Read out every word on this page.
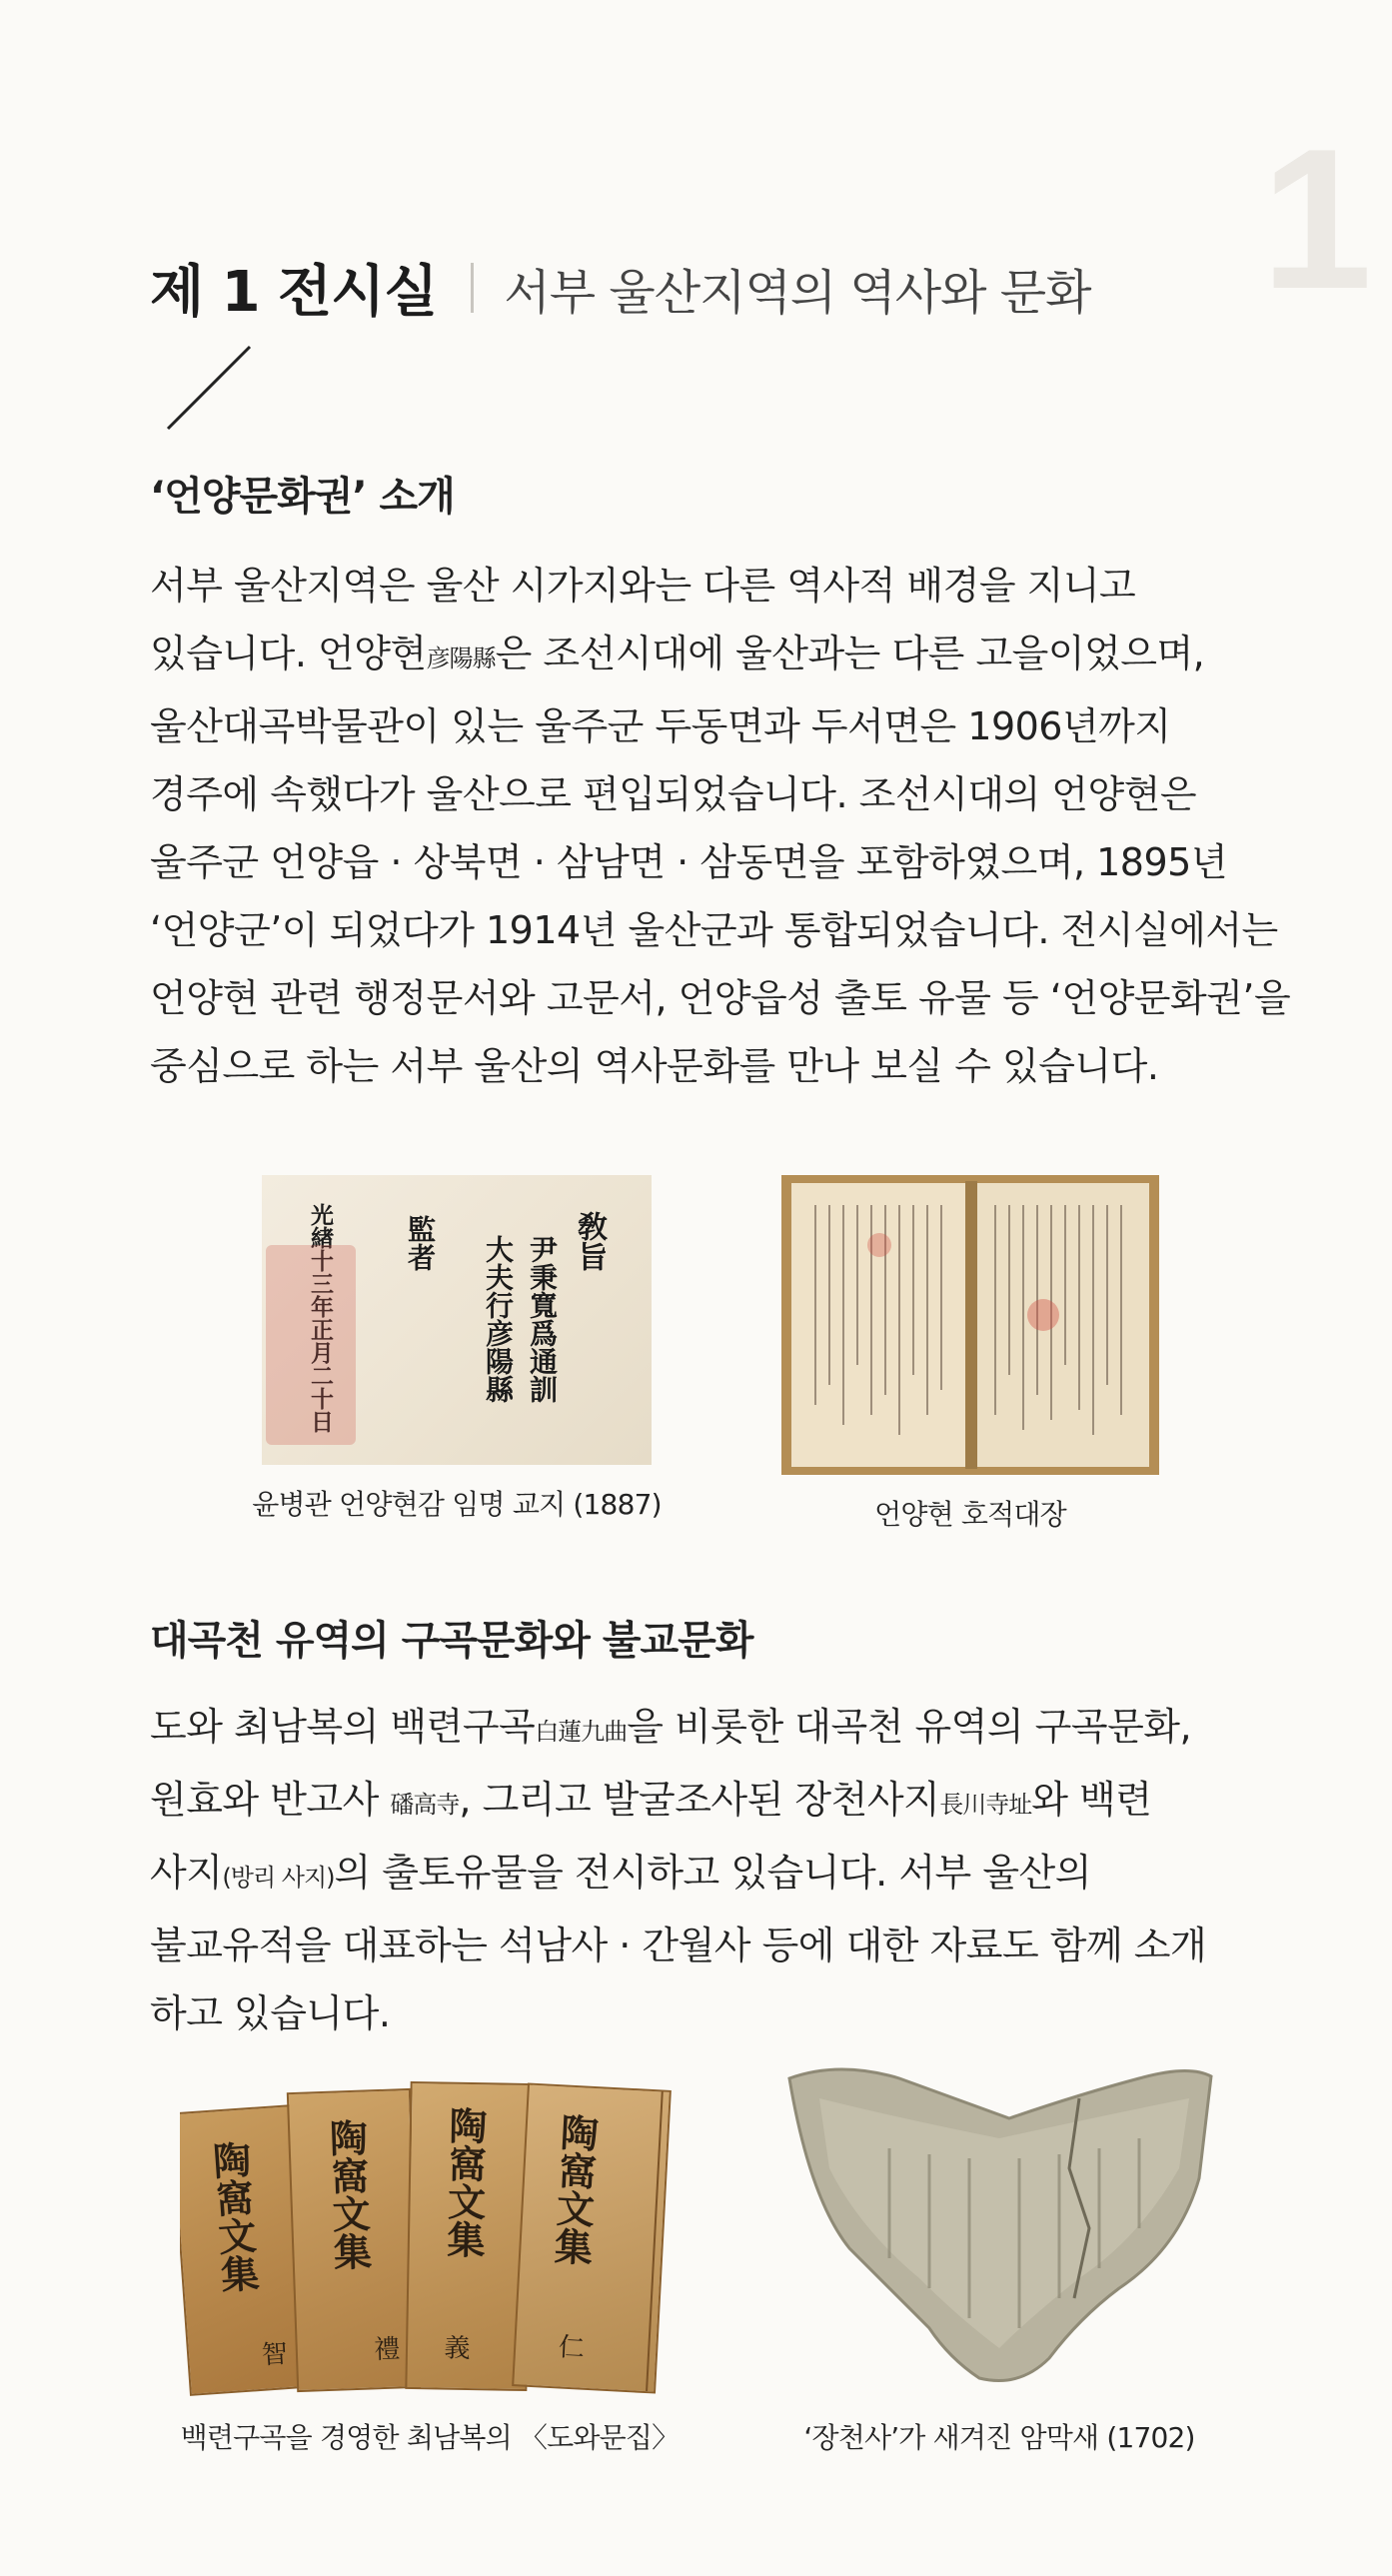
1
제 1 전시실 서부 울산지역의 역사와 문화
‘언양문화권’ 소개

서부 울산지역은 울산 시가지와는 다른 역사적 배경을 지니고
있습니다. 언양현彦陽縣은 조선시대에 울산과는 다른 고을이었으며,
울산대곡박물관이 있는 울주군 두동면과 두서면은 1906년까지
경주에 속했다가 울산으로 편입되었습니다. 조선시대의 언양현은
울주군 언양읍 · 상북면 · 삼남면 · 삼동면을 포함하였으며, 1895년
‘언양군’이 되었다가 1914년 울산군과 통합되었습니다. 전시실에서는
언양현 관련 행정문서와 고문서, 언양읍성 출토 유물 등 ‘언양문화권’을
중심으로 하는 서부 울산의 역사문화를 만나 보실 수 있습니다.

敎旨
尹秉寬爲通訓
大夫行彦陽縣
監者
光緖十三年正月二十日
윤병관 언양현감 임명 교지 (1887)	언양현 호적대장
대곡천 유역의 구곡문화와 불교문화

도와 최남복의 백련구곡白蓮九曲을 비롯한 대곡천 유역의 구곡문화,
원효와 반고사 磻高寺, 그리고 발굴조사된 장천사지長川寺址와 백련
사지(방리 사지)의 출토유물을 전시하고 있습니다. 서부 울산의
불교유적을 대표하는 석남사 · 간월사 등에 대한 자료도 함께 소개
하고 있습니다.

陶窩文集
智
陶窩文集
禮
陶窩文集
義
陶窩文集
仁
백련구곡을 경영한 최남복의 〈도와문집〉	‘장천사’가 새겨진 암막새 (1702)
